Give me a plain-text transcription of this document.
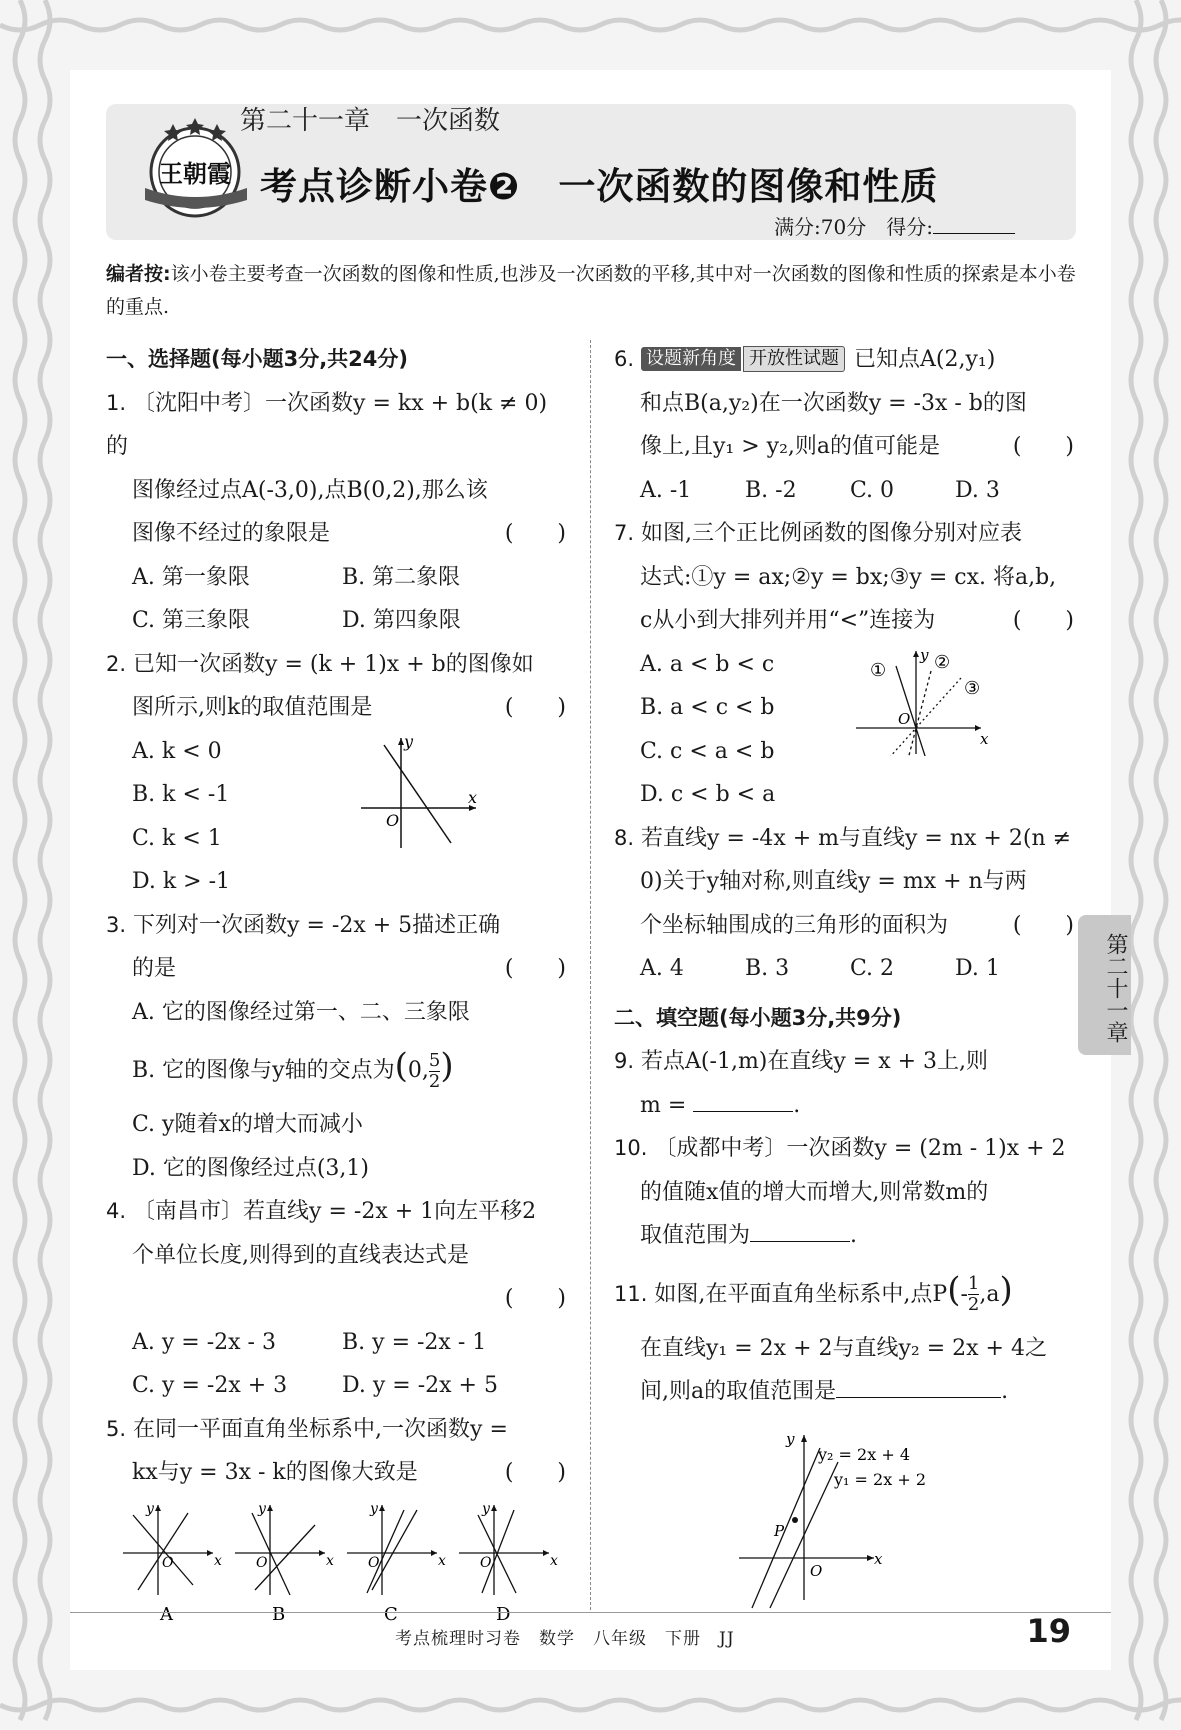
王朝霞
第二十一章　一次函数
考点诊断小卷❷　一次函数的图像和性质
满分:70分　得分:
编者按:该小卷主要考查一次函数的图像和性质,也涉及一次函数的平移,其中对一次函数的图像和性质的探索是本小卷的重点.
一、选择题(每小题3分,共24分)
1. 〔沈阳中考〕一次函数y = kx + b(k ≠ 0)的
图像经过点A(-3,0),点B(0,2),那么该
图像不经过的象限是	(　　)
A. 第一象限	B. 第二象限
C. 第三象限	D. 第四象限
2. 已知一次函数y = (k + 1)x + b的图像如
图所示,则k的取值范围是	(　　)
A. k < 0
B. k < -1
C. k < 1
D. k > -1
y
x
O
3. 下列对一次函数y = -2x + 5描述正确
的是	(　　)
A. 它的图像经过第一、二、三象限
B. 它的图像与y轴的交点为(0, $\frac{5}{2}$ )
C. y随着x的增大而减小
D. 它的图像经过点(3,1)
4. 〔南昌市〕若直线y = -2x + 1向左平移2
个单位长度,则得到的直线表达式是
(　　)
A. y = -2x - 3	B. y = -2x - 1
C. y = -2x + 3	D. y = -2x + 5
5. 在同一平面直角坐标系中,一次函数y =
kx与y = 3x - k的图像大致是	(　　)
y
x
O
A
y
x
O
B
y
x
O
C
y
x
O
D
6. 设题新角度 开放性试题 已知点A(2,y₁)
和点B(a,y₂)在一次函数y = -3x - b的图
像上,且y₁ > y₂,则a的值可能是	(　　)
A. -1	B. -2	C. 0	D. 3
7. 如图,三个正比例函数的图像分别对应表
达式:①y = ax;②y = bx;③y = cx. 将a,b,
c从小到大排列并用“<”连接为	(　　)
A. a < b < c
B. a < c < b
C. c < a < b
D. c < b < a
①	②
③
y
x
O
8. 若直线y = -4x + m与直线y = nx + 2(n ≠
0)关于y轴对称,则直线y = mx + n与两
个坐标轴围成的三角形的面积为	(　　)
A. 4	B. 3	C. 2	D. 1
二、填空题(每小题3分,共9分)
9. 若点A(-1,m)在直线y = x + 3上,则
m =	.
10. 〔成都中考〕一次函数y = (2m - 1)x + 2
的值随x值的增大而增大,则常数m的
取值范围为	.
11. 如图,在平面直角坐标系中,点$P(- \frac{1}{2} ,a)$
在直线y₁ = 2x + 2与直线y₂ = 2x + 4之
间,则a的取值范围是	.
y₂ = 2x + 4
y₁ = 2x + 2
y
x
O
P
第二十一章
考点梳理时习卷　数学　八年级　下册　JJ	19
